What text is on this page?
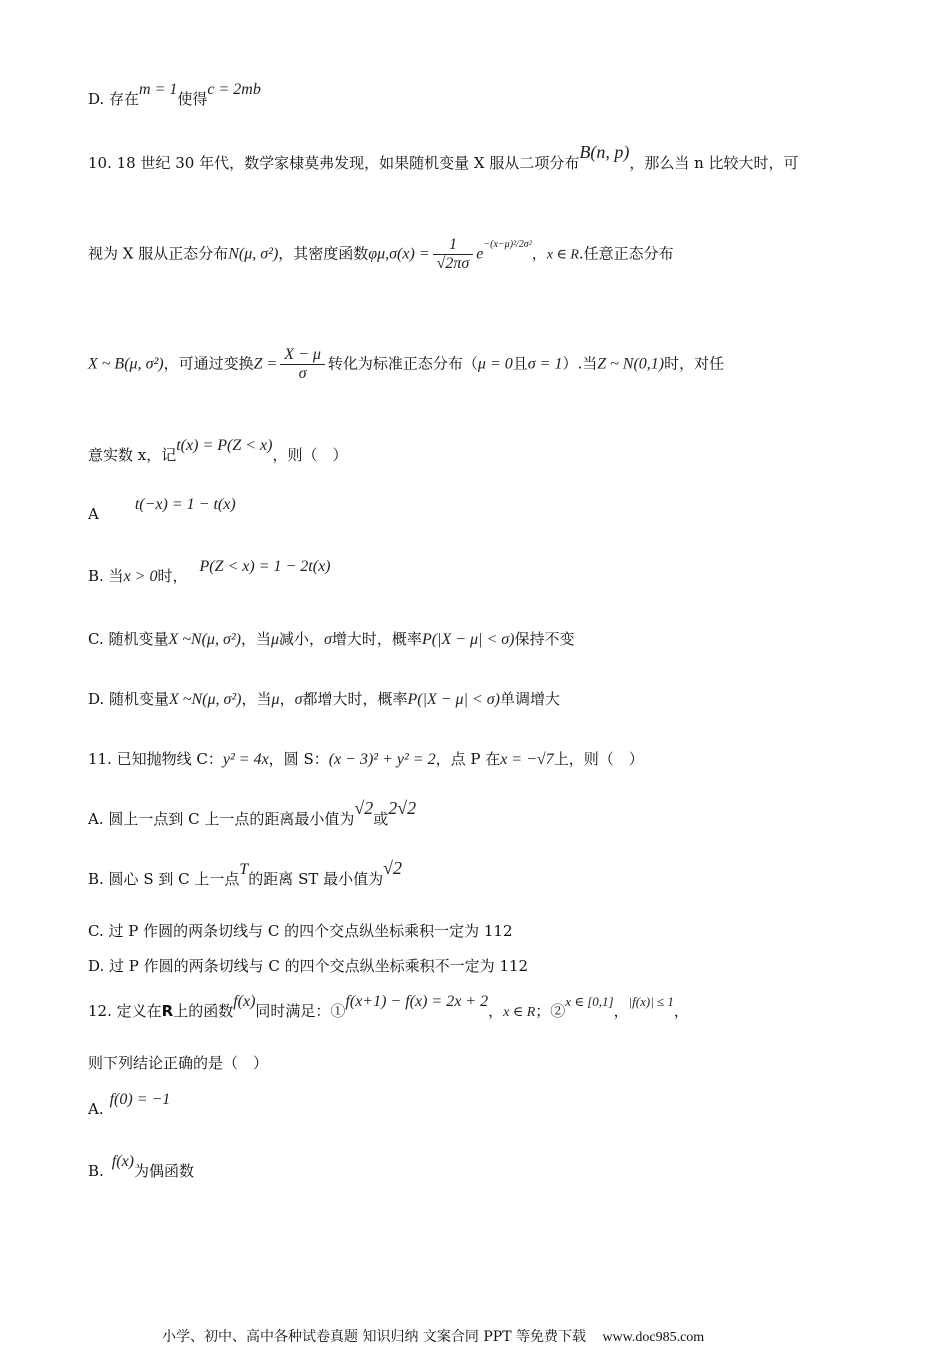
D. 存在m = 1使得c = 2mb
10. 18 世纪 30 年代，数学家棣莫弗发现，如果随机变量 X 服从二项分布B(n, p)，那么当 n 比较大时，可
视为 X 服从正态分布N(μ, σ²)，其密度函数$\varphi\mu,\sigma(x) = \frac{1}{√2\pi\sigma} e^{-(x-\mu)^2/2\sigma^2}$，x ∈ R.任意正态分布
X ~ B(μ, σ²)，可通过变换$Z = \frac{X - \mu}{\sigma}$ 转化为标准正态分布（μ = 0且σ = 1）.当Z ~ N(0,1)时，对任
意实数 x，记t(x) = P(Z < x)，则（　）
At(−x) = 1 − t(x)
B. 当x > 0时，P(Z < x) = 1 − 2t(x)
C. 随机变量X ~N(μ, σ²)，当μ减小，σ增大时，概率P(|X − μ| < σ)保持不变
D. 随机变量X ~N(μ, σ²)，当μ，σ都增大时，概率P(|X − μ| < σ)单调增大
11. 已知抛物线 C：y² = 4x，圆 S：(x − 3)² + y² = 2，点 P 在x = −√7上，则（　）
A. 圆上一点到 C 上一点的距离最小值为√2或2√2
B. 圆心 S 到 C 上一点T的距离 ST 最小值为√2
C. 过 P 作圆的两条切线与 C 的四个交点纵坐标乘积一定为 112
D. 过 P 作圆的两条切线与 C 的四个交点纵坐标乘积不一定为 112
12. 定义在R上的函数f(x)同时满足：①f(x+1) − f(x) = 2x + 2，x ∈ R；②x ∈ [0,1]，|f(x)| ≤ 1，
则下列结论正确的是（　）
A.f(0) = −1
B.f(x)为偶函数
小学、初中、高中各种试卷真题 知识归纳 文案合同 PPT 等免费下载 www.doc985.com
